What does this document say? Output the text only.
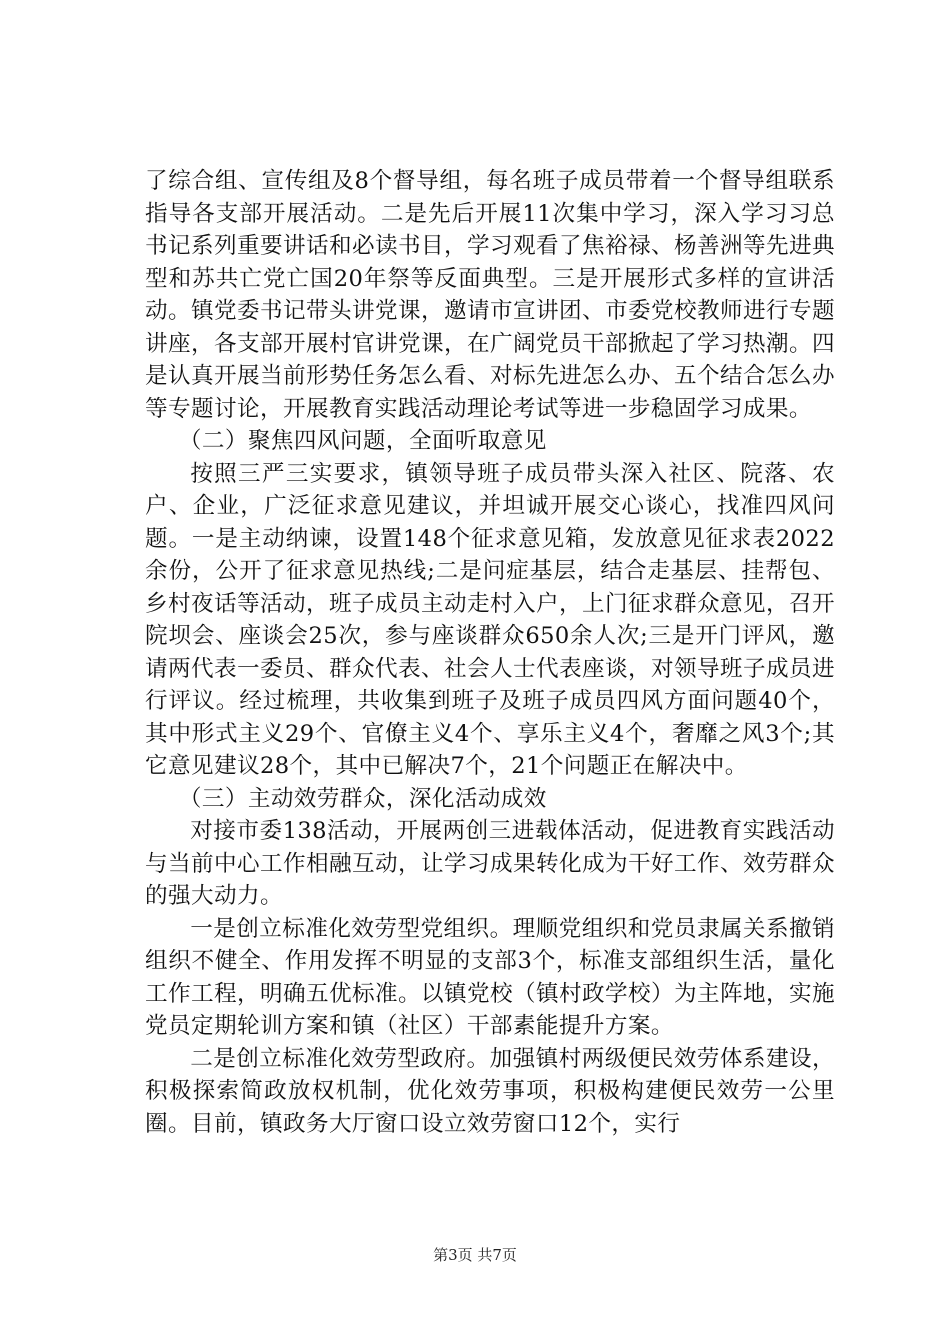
了综合组、宣传组及8个督导组，每名班子成员带着一个督导组联系指导各支部开展活动。二是先后开展11次集中学习，深入学习习总书记系列重要讲话和必读书目，学习观看了焦裕禄、杨善洲等先进典型和苏共亡党亡国20年祭等反面典型。三是开展形式多样的宣讲活动。镇党委书记带头讲党课，邀请市宣讲团、市委党校教师进行专题讲座，各支部开展村官讲党课，在广阔党员干部掀起了学习热潮。四是认真开展当前形势任务怎么看、对标先进怎么办、五个结合怎么办等专题讨论，开展教育实践活动理论考试等进一步稳固学习成果。

（二）聚焦四风问题，全面听取意见

按照三严三实要求，镇领导班子成员带头深入社区、院落、农户、企业，广泛征求意见建议，并坦诚开展交心谈心，找准四风问题。一是主动纳谏，设置148个征求意见箱，发放意见征求表2022余份，公开了征求意见热线;二是问症基层，结合走基层、挂帮包、乡村夜话等活动，班子成员主动走村入户，上门征求群众意见，召开院坝会、座谈会25次，参与座谈群众650余人次;三是开门评风，邀请两代表一委员、群众代表、社会人士代表座谈，对领导班子成员进行评议。经过梳理，共收集到班子及班子成员四风方面问题40个，其中形式主义29个、官僚主义4个、享乐主义4个，奢靡之风3个;其它意见建议28个，其中已解决7个，21个问题正在解决中。

（三）主动效劳群众，深化活动成效

对接市委138活动，开展两创三进载体活动，促进教育实践活动与当前中心工作相融互动，让学习成果转化成为干好工作、效劳群众的强大动力。

一是创立标准化效劳型党组织。理顺党组织和党员隶属关系撤销组织不健全、作用发挥不明显的支部3个，标准支部组织生活，量化工作工程，明确五优标准。以镇党校（镇村政学校）为主阵地，实施党员定期轮训方案和镇（社区）干部素能提升方案。

二是创立标准化效劳型政府。加强镇村两级便民效劳体系建设，积极探索简政放权机制，优化效劳事项，积极构建便民效劳一公里圈。目前，镇政务大厅窗口设立效劳窗口12个，实行

第3页 共7页
